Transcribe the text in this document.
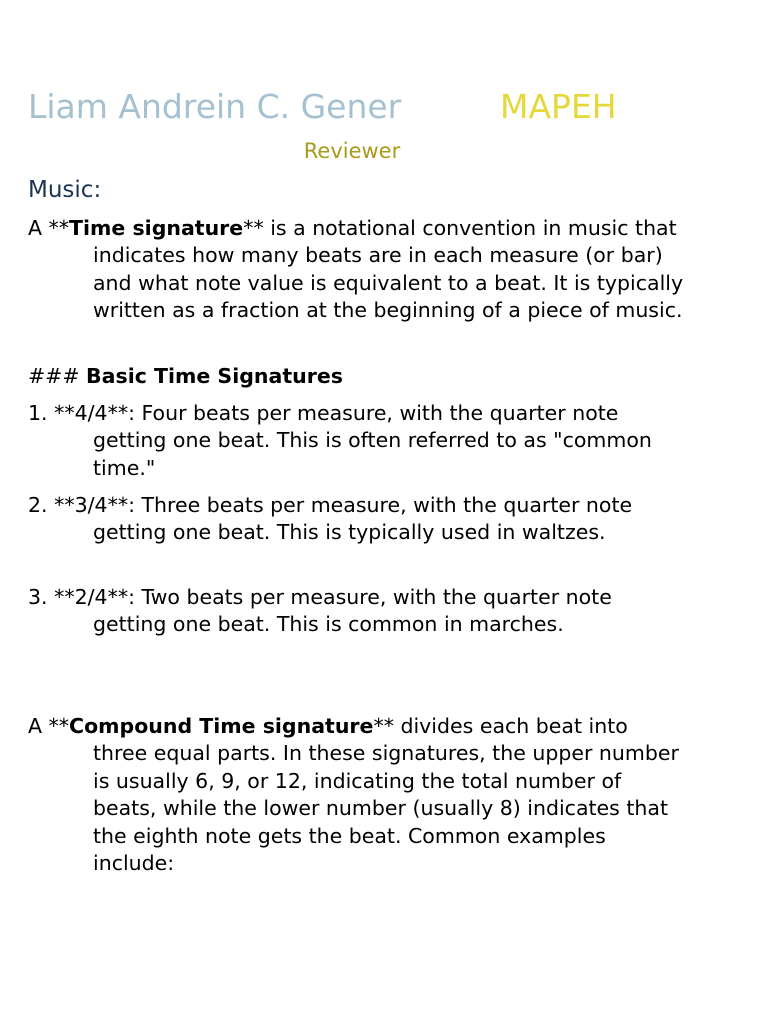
Liam Andrein C. Gener	MAPEH
Reviewer
Music:
A **Time signature** is a notational convention in music that indicates how many beats are in each measure (or bar) and what note value is equivalent to a beat. It is typically written as a fraction at the beginning of a piece of music.
### Basic Time Signatures
1. **4/4**: Four beats per measure, with the quarter note getting one beat. This is often referred to as "common time."
2. **3/4**: Three beats per measure, with the quarter note getting one beat. This is typically used in waltzes.
3. **2/4**: Two beats per measure, with the quarter note getting one beat. This is common in marches.
A **Compound Time signature** divides each beat into three equal parts. In these signatures, the upper number is usually 6, 9, or 12, indicating the total number of beats, while the lower number (usually 8) indicates that the eighth note gets the beat. Common examples include:
